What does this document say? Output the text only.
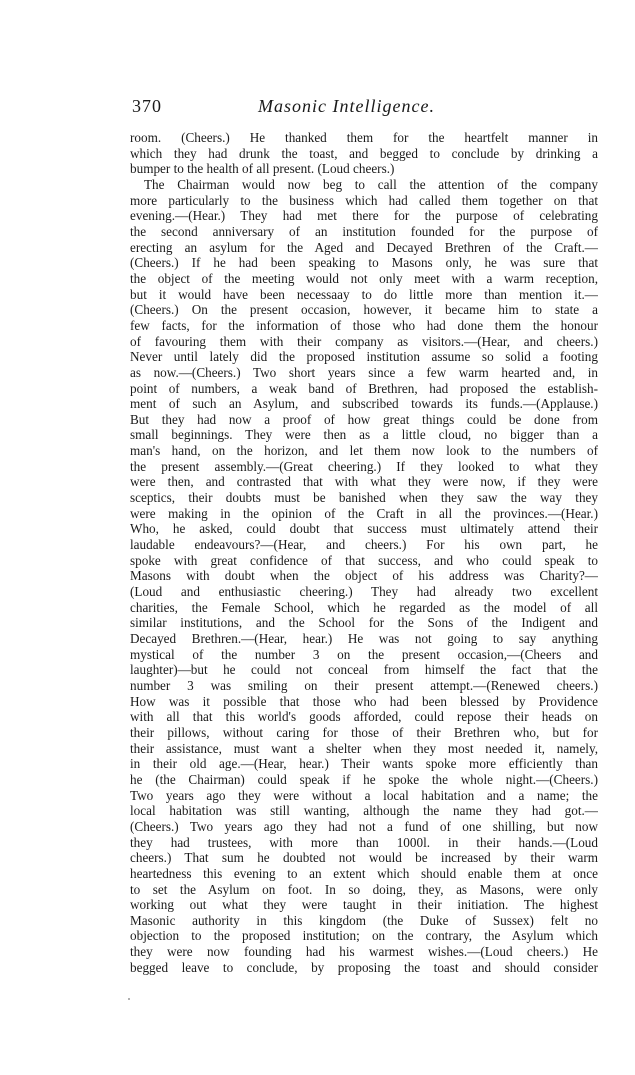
370	Masonic Intelligence.
room. (Cheers.) He thanked them for the heartfelt manner in
which they had drunk the toast, and begged to conclude by drinking a
bumper to the health of all present. (Loud cheers.)
The Chairman would now beg to call the attention of the company
more particularly to the business which had called them together on that
evening.—(Hear.) They had met there for the purpose of celebrating
the second anniversary of an institution founded for the purpose of
erecting an asylum for the Aged and Decayed Brethren of the Craft.—
(Cheers.) If he had been speaking to Masons only, he was sure that
the object of the meeting would not only meet with a warm reception,
but it would have been necessaay to do little more than mention it.—
(Cheers.) On the present occasion, however, it became him to state a
few facts, for the information of those who had done them the honour
of favouring them with their company as visitors.—(Hear, and cheers.)
Never until lately did the proposed institution assume so solid a footing
as now.—(Cheers.) Two short years since a few warm hearted and, in
point of numbers, a weak band of Brethren, had proposed the establish-
ment of such an Asylum, and subscribed towards its funds.—(Applause.)
But they had now a proof of how great things could be done from
small beginnings. They were then as a little cloud, no bigger than a
man's hand, on the horizon, and let them now look to the numbers of
the present assembly.—(Great cheering.) If they looked to what they
were then, and contrasted that with what they were now, if they were
sceptics, their doubts must be banished when they saw the way they
were making in the opinion of the Craft in all the provinces.—(Hear.)
Who, he asked, could doubt that success must ultimately attend their
laudable endeavours?—(Hear, and cheers.) For his own part, he
spoke with great confidence of that success, and who could speak to
Masons with doubt when the object of his address was Charity?—
(Loud and enthusiastic cheering.) They had already two excellent
charities, the Female School, which he regarded as the model of all
similar institutions, and the School for the Sons of the Indigent and
Decayed Brethren.—(Hear, hear.) He was not going to say anything
mystical of the number 3 on the present occasion,—(Cheers and
laughter)—but he could not conceal from himself the fact that the
number 3 was smiling on their present attempt.—(Renewed cheers.)
How was it possible that those who had been blessed by Providence
with all that this world's goods afforded, could repose their heads on
their pillows, without caring for those of their Brethren who, but for
their assistance, must want a shelter when they most needed it, namely,
in their old age.—(Hear, hear.) Their wants spoke more efficiently than
he (the Chairman) could speak if he spoke the whole night.—(Cheers.)
Two years ago they were without a local habitation and a name; the
local habitation was still wanting, although the name they had got.—
(Cheers.) Two years ago they had not a fund of one shilling, but now
they had trustees, with more than 1000l. in their hands.—(Loud
cheers.) That sum he doubted not would be increased by their warm
heartedness this evening to an extent which should enable them at once
to set the Asylum on foot. In so doing, they, as Masons, were only
working out what they were taught in their initiation. The highest
Masonic authority in this kingdom (the Duke of Sussex) felt no
objection to the proposed institution; on the contrary, the Asylum which
they were now founding had his warmest wishes.—(Loud cheers.) He
begged leave to conclude, by proposing the toast and should consider
